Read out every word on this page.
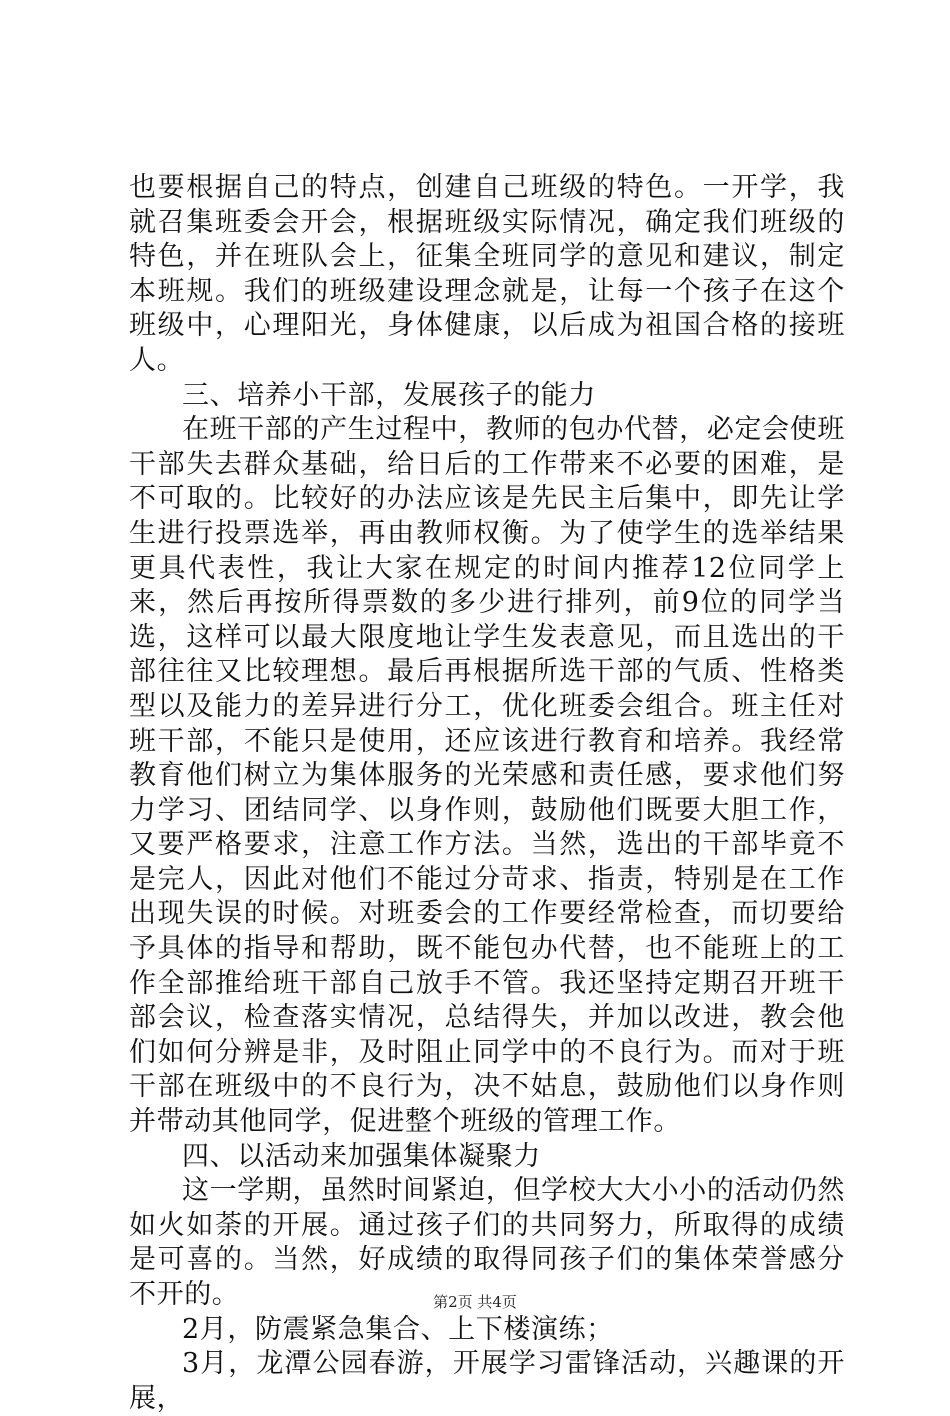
也要根据自己的特点，创建自己班级的特色。一开学，我就召集班委会开会，根据班级实际情况，确定我们班级的特色，并在班队会上，征集全班同学的意见和建议，制定本班规。我们的班级建设理念就是，让每一个孩子在这个班级中，心理阳光，身体健康，以后成为祖国合格的接班人。

三、培养小干部，发展孩子的能力

在班干部的产生过程中，教师的包办代替，必定会使班干部失去群众基础，给日后的工作带来不必要的困难，是不可取的。比较好的办法应该是先民主后集中，即先让学生进行投票选举，再由教师权衡。为了使学生的选举结果更具代表性，我让大家在规定的时间内推荐12位同学上来，然后再按所得票数的多少进行排列，前9位的同学当选，这样可以最大限度地让学生发表意见，而且选出的干部往往又比较理想。最后再根据所选干部的气质、性格类型以及能力的差异进行分工，优化班委会组合。班主任对班干部，不能只是使用，还应该进行教育和培养。我经常教育他们树立为集体服务的光荣感和责任感，要求他们努力学习、团结同学、以身作则，鼓励他们既要大胆工作，又要严格要求，注意工作方法。当然，选出的干部毕竟不是完人，因此对他们不能过分苛求、指责，特别是在工作出现失误的时候。对班委会的工作要经常检查，而切要给予具体的指导和帮助，既不能包办代替，也不能班上的工作全部推给班干部自己放手不管。我还坚持定期召开班干部会议，检查落实情况，总结得失，并加以改进，教会他们如何分辨是非，及时阻止同学中的不良行为。而对于班干部在班级中的不良行为，决不姑息，鼓励他们以身作则并带动其他同学，促进整个班级的管理工作。

四、以活动来加强集体凝聚力

这一学期，虽然时间紧迫，但学校大大小小的活动仍然如火如荼的开展。通过孩子们的共同努力，所取得的成绩是可喜的。当然，好成绩的取得同孩子们的集体荣誉感分不开的。

2月，防震紧急集合、上下楼演练；

3月，龙潭公园春游，开展学习雷锋活动，兴趣课的开展，

第2页 共4页
